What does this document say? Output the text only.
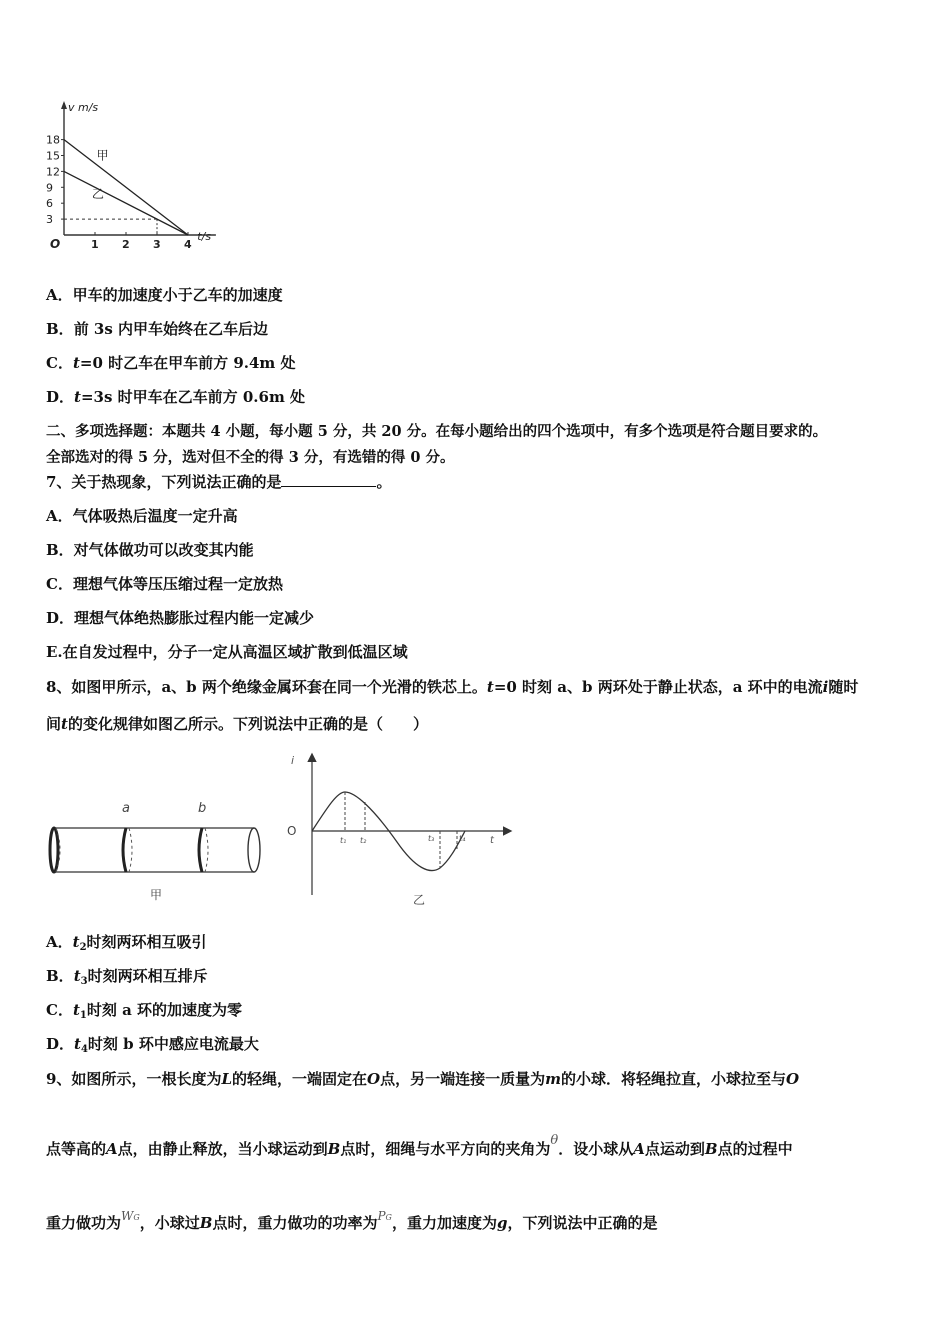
v m/s
t/s
O
18
15
12
9
6
3
1 2 3 4
甲
乙
A．甲车的加速度小于乙车的加速度
B．前 3s 内甲车始终在乙车后边
C．t=0 时乙车在甲车前方 9.4m 处
D．t=3s 时甲车在乙车前方 0.6m 处
二、多项选择题：本题共 4 小题，每小题 5 分，共 20 分。在每小题给出的四个选项中，有多个选项是符合题目要求的。
全部选对的得 5 分，选对但不全的得 3 分，有选错的得 0 分。
7、关于热现象，下列说法正确的是	。
A．气体吸热后温度一定升高
B．对气体做功可以改变其内能
C．理想气体等压压缩过程一定放热
D．理想气体绝热膨胀过程内能一定减少
E.在自发过程中，分子一定从高温区域扩散到低温区域
8、如图甲所示，a、b 两个绝缘金属环套在同一个光滑的铁芯上。t=0 时刻 a、b 两环处于静止状态，a 环中的电流i随时
间t的变化规律如图乙所示。下列说法中正确的是（　　）
a	b
甲
i
t
O
t₁ t₂	t₃	t₄
乙
A．$t_2$时刻两环相互吸引
B．$t_3$时刻两环相互排斥
C．$t_1$时刻 a 环的加速度为零
D．$t_4$时刻 b 环中感应电流最大
9、如图所示，一根长度为L的轻绳，一端固定在O点，另一端连接一质量为m的小球．将轻绳拉直，小球拉至与O
点等高的A点，由静止释放，当小球运动到B点时，细绳与水平方向的夹角为θ．设小球从A点运动到B点的过程中
重力做功为$^{WG}$，小球过B点时，重力做功的功率为$^{PG}$，重力加速度为g，下列说法中正确的是
